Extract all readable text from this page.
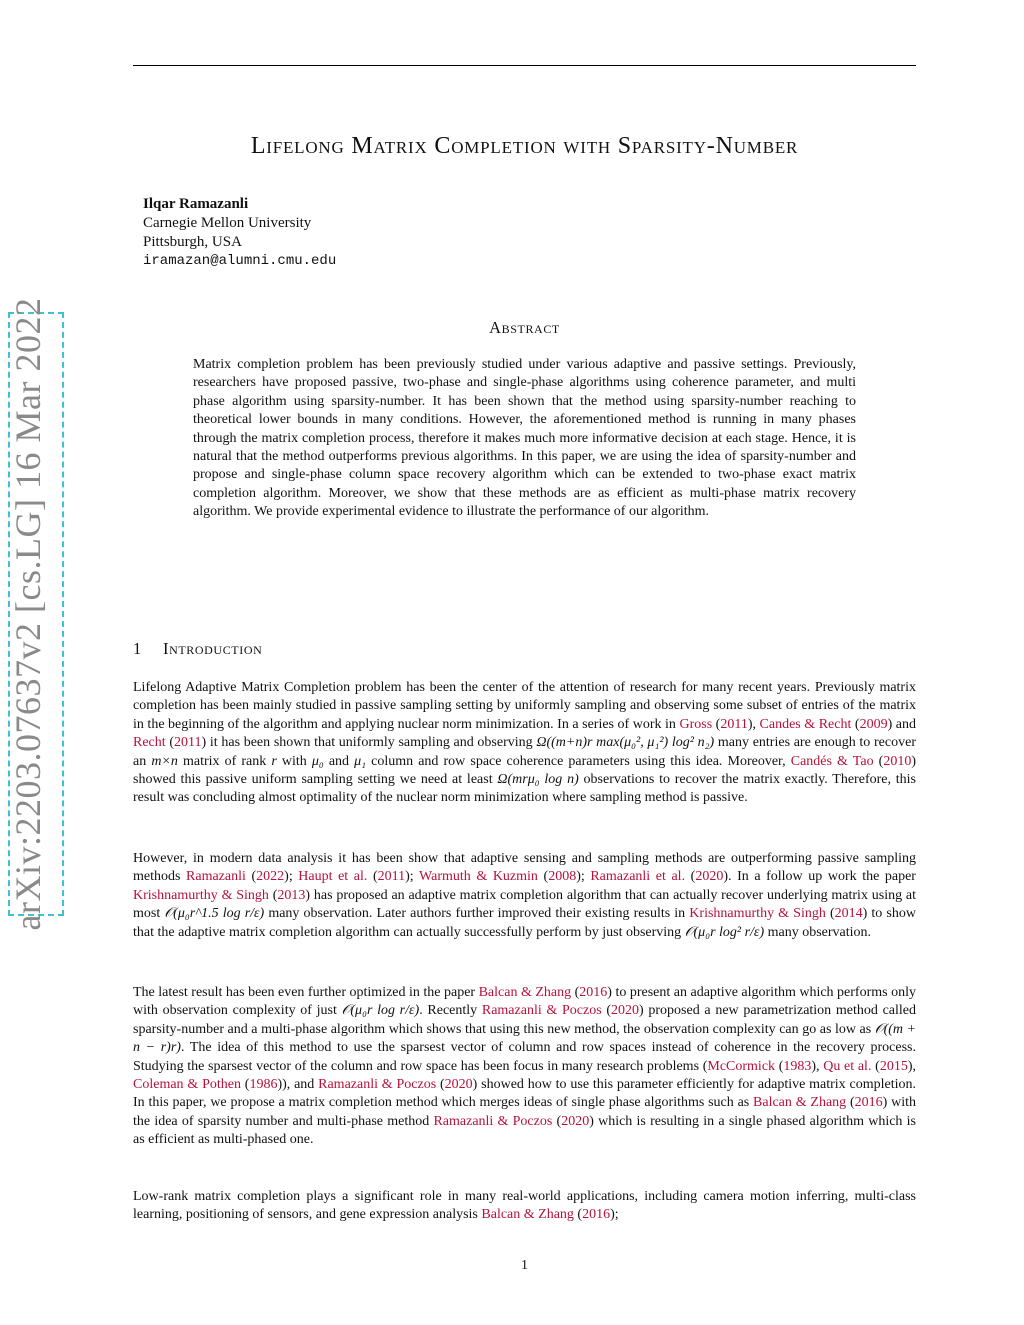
arXiv:2203.07637v2 [cs.LG] 16 Mar 2022
Lifelong Matrix Completion with Sparsity-Number
Ilqar Ramazanli
Carnegie Mellon University
Pittsburgh, USA
iramazan@alumni.cmu.edu
Abstract

Matrix completion problem has been previously studied under various adaptive and passive settings. Previously, researchers have proposed passive, two-phase and single-phase algorithms using coherence parameter, and multi phase algorithm using sparsity-number. It has been shown that the method using sparsity-number reaching to theoretical lower bounds in many conditions. However, the aforementioned method is running in many phases through the matrix completion process, therefore it makes much more informative decision at each stage. Hence, it is natural that the method outperforms previous algorithms. In this paper, we are using the idea of sparsity-number and propose and single-phase column space recovery algorithm which can be extended to two-phase exact matrix completion algorithm. Moreover, we show that these methods are as efficient as multi-phase matrix recovery algorithm. We provide experimental evidence to illustrate the performance of our algorithm.

1 Introduction

Lifelong Adaptive Matrix Completion problem has been the center of the attention of research for many recent years. Previously matrix completion has been mainly studied in passive sampling setting by uniformly sampling and observing some subset of entries of the matrix in the beginning of the algorithm and applying nuclear norm minimization. In a series of work in Gross (2011), Candes & Recht (2009) and Recht (2011) it has been shown that uniformly sampling and observing Ω((m+n)r max(μ₀², μ₁²) log² n₂) many entries are enough to recover an m×n matrix of rank r with μ₀ and μ₁ column and row space coherence parameters using this idea. Moreover, Candés & Tao (2010) showed this passive uniform sampling setting we need at least Ω(mrμ₀ log n) observations to recover the matrix exactly. Therefore, this result was concluding almost optimality of the nuclear norm minimization where sampling method is passive.

However, in modern data analysis it has been show that adaptive sensing and sampling methods are outperforming passive sampling methods Ramazanli (2022); Haupt et al. (2011); Warmuth & Kuzmin (2008); Ramazanli et al. (2020). In a follow up work the paper Krishnamurthy & Singh (2013) has proposed an adaptive matrix completion algorithm that can actually recover underlying matrix using at most 𝒪(μ₀r^1.5 log r/ε) many observation. Later authors further improved their existing results in Krishnamurthy & Singh (2014) to show that the adaptive matrix completion algorithm can actually successfully perform by just observing 𝒪(μ₀r log² r/ε) many observation.

The latest result has been even further optimized in the paper Balcan & Zhang (2016) to present an adaptive algorithm which performs only with observation complexity of just 𝒪(μ₀r log r/ε). Recently Ramazanli & Poczos (2020) proposed a new parametrization method called sparsity-number and a multi-phase algorithm which shows that using this new method, the observation complexity can go as low as 𝒪((m + n − r)r). The idea of this method to use the sparsest vector of column and row spaces instead of coherence in the recovery process. Studying the sparsest vector of the column and row space has been focus in many research problems (McCormick (1983), Qu et al. (2015), Coleman & Pothen (1986)), and Ramazanli & Poczos (2020) showed how to use this parameter efficiently for adaptive matrix completion. In this paper, we propose a matrix completion method which merges ideas of single phase algorithms such as Balcan & Zhang (2016) with the idea of sparsity number and multi-phase method Ramazanli & Poczos (2020) which is resulting in a single phased algorithm which is as efficient as multi-phased one.

Low-rank matrix completion plays a significant role in many real-world applications, including camera motion inferring, multi-class learning, positioning of sensors, and gene expression analysis Balcan & Zhang (2016);

1
